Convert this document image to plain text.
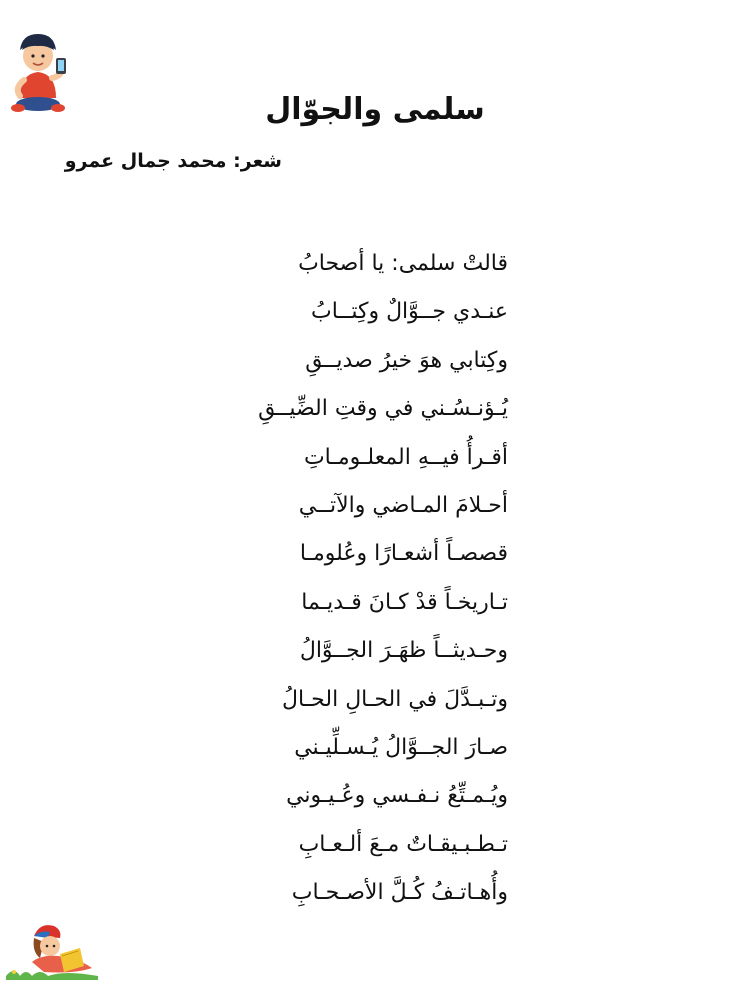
سلمى والجوّال
شعر: محمد جمال عمرو
قالتْ سلمى: يا أصحابُ
عنـدي جــوَّالٌ وكِتــابُ
وكِتابي هوَ خيرُ صديــقِ
يُـؤنـسُـني في وقتِ الضِّيــقِ
أقـرأُ فيــهِ المعلـومـاتِ
أحـلامَ المـاضي والآتــي
قصصـاً أشعـارًا وعُلومـا
تـاريخـاً قدْ كـانَ قـديـما
وحـديثــاً ظهَـرَ الجــوَّالُ
وتـبـدَّلَ في الحـالِ الحـالُ
صـارَ الجــوَّالُ يُـسـلِّيـني
ويُـمـتِّعُ نـفـسي وعُـيـوني
تـطـبـيقـاتٌ مـعَ ألـعـابِ
وأُهـاتـفُ كُـلَّ الأصـحـابِ
